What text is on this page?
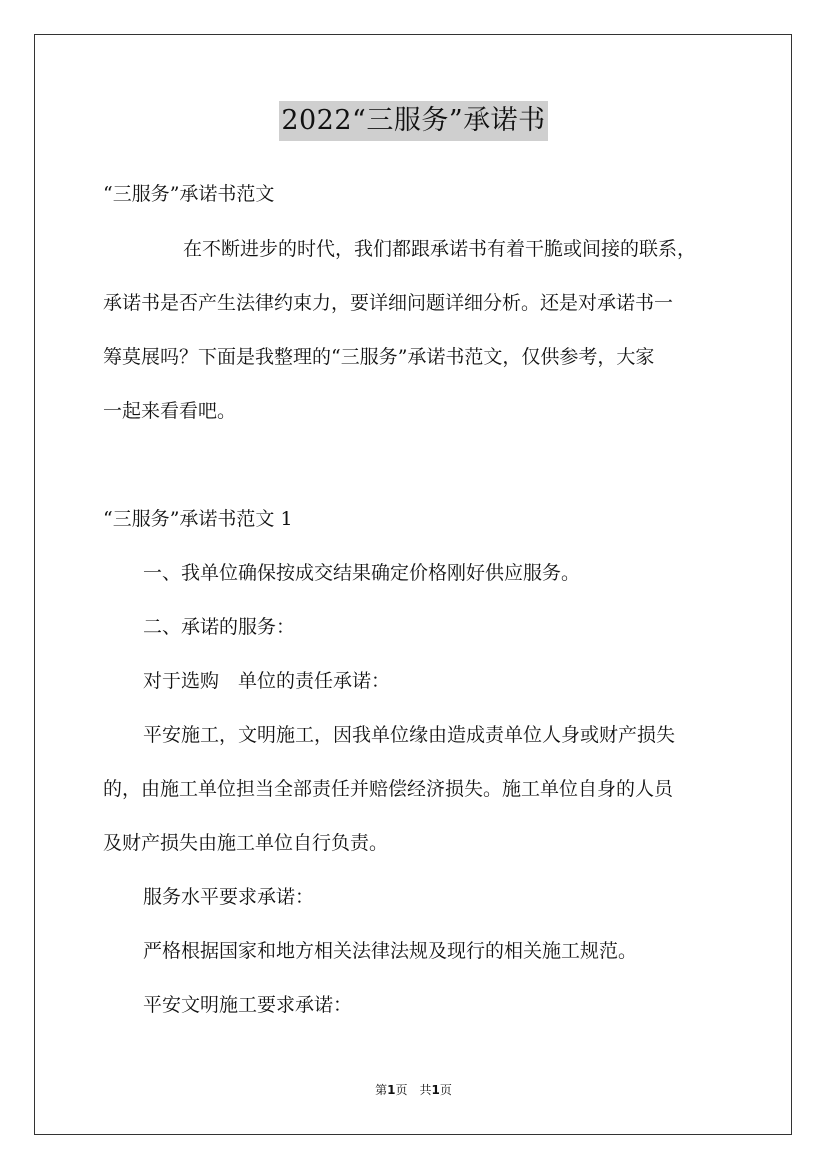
2022“三服务”承诺书
“三服务”承诺书范文
在不断进步的时代，我们都跟承诺书有着干脆或间接的联系，
承诺书是否产生法律约束力，要详细问题详细分析。还是对承诺书一
筹莫展吗？下面是我整理的“三服务”承诺书范文，仅供参考，大家
一起来看看吧。
“三服务”承诺书范文 1
一、我单位确保按成交结果确定价格刚好供应服务。
二、承诺的服务：
对于选购　单位的责任承诺：
平安施工，文明施工，因我单位缘由造成责单位人身或财产损失
的，由施工单位担当全部责任并赔偿经济损失。施工单位自身的人员
及财产损失由施工单位自行负责。
服务水平要求承诺：
严格根据国家和地方相关法律法规及现行的相关施工规范。
平安文明施工要求承诺：
第1页　共1页
